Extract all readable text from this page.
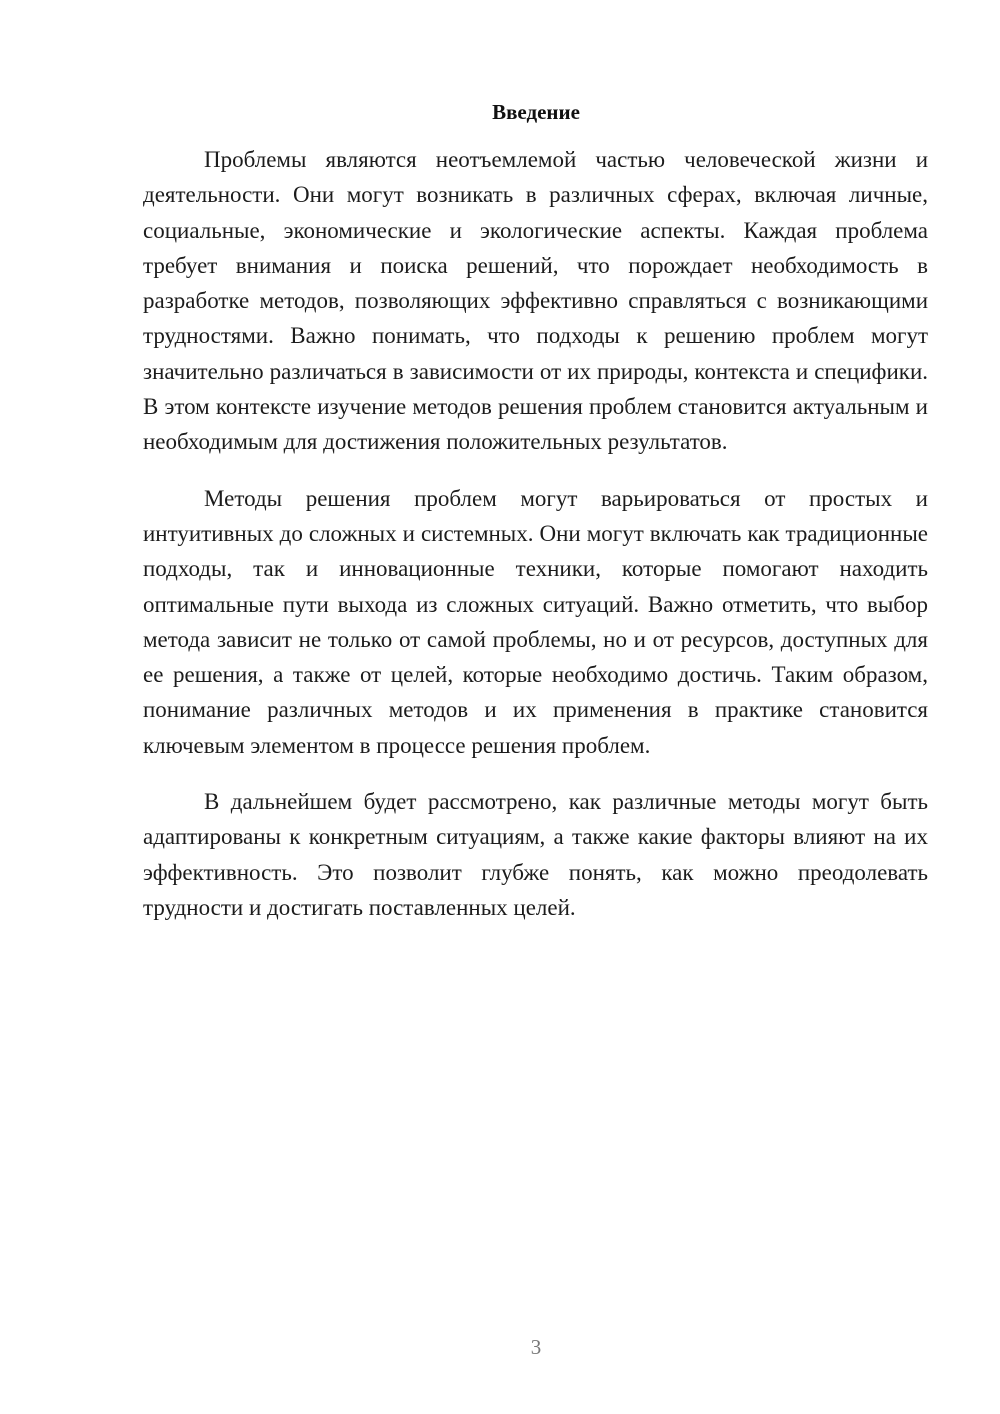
Введение

Проблемы являются неотъемлемой частью человеческой жизни и деятельности. Они могут возникать в различных сферах, включая личные, социальные, экономические и экологические аспекты. Каждая проблема требует внимания и поиска решений, что порождает необходимость в разработке методов, позволяющих эффективно справляться с возникающими трудностями. Важно понимать, что подходы к решению проблем могут значительно различаться в зависимости от их природы, контекста и специфики. В этом контексте изучение методов решения проблем становится актуальным и необходимым для достижения положительных результатов.

Методы решения проблем могут варьироваться от простых и интуитивных до сложных и системных. Они могут включать как традиционные подходы, так и инновационные техники, которые помогают находить оптимальные пути выхода из сложных ситуаций. Важно отметить, что выбор метода зависит не только от самой проблемы, но и от ресурсов, доступных для ее решения, а также от целей, которые необходимо достичь. Таким образом, понимание различных методов и их применения в практике становится ключевым элементом в процессе решения проблем.

В дальнейшем будет рассмотрено, как различные методы могут быть адаптированы к конкретным ситуациям, а также какие факторы влияют на их эффективность. Это позволит глубже понять, как можно преодолевать трудности и достигать поставленных целей.

3
